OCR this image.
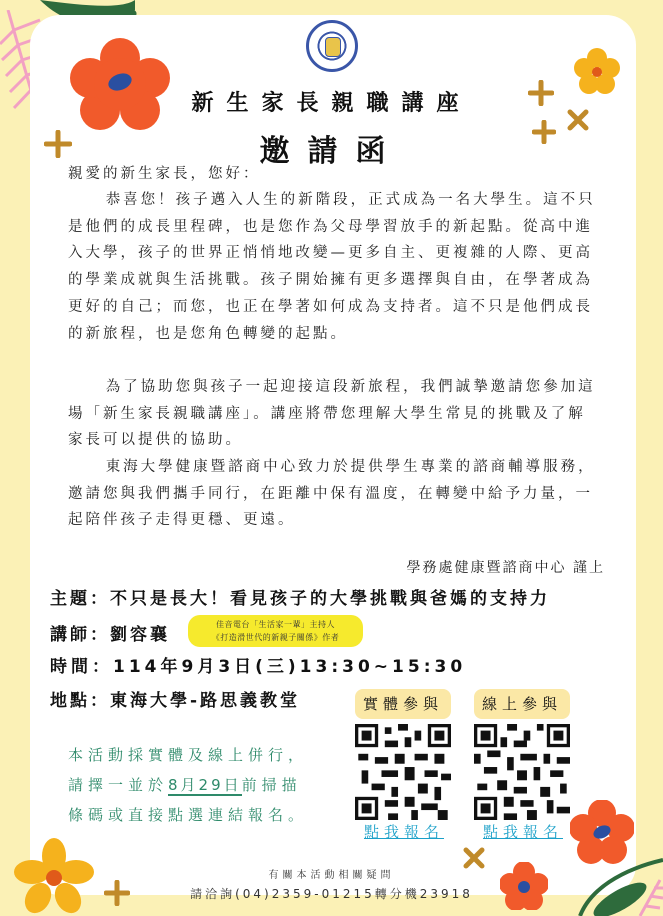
新生家長親職講座
邀請函
親愛的新生家長，您好：

恭喜您！孩子邁入人生的新階段，正式成為一名大學生。這不只是他們的成長里程碑，也是您作為父母學習放手的新起點。從高中進入大學，孩子的世界正悄悄地改變—更多自主、更複雜的人際、更高的學業成就與生活挑戰。孩子開始擁有更多選擇與自由，在學著成為更好的自己；而您，也正在學著如何成為支持者。這不只是他們成長的新旅程，也是您角色轉變的起點。

為了協助您與孩子一起迎接這段新旅程，我們誠摯邀請您參加這場「新生家長親職講座」。講座將帶您理解大學生常見的挑戰及了解家長可以提供的協助。

東海大學健康暨諮商中心致力於提供學生專業的諮商輔導服務，邀請您與我們攜手同行，在距離中保有溫度，在轉變中給予力量，一起陪伴孩子走得更穩、更遠。

學務處健康暨諮商中心 謹上
主題：不只是長大！看見孩子的大學挑戰與爸媽的支持力
講師：劉容襄
佳音電台「生活家一輩」主持人
《打造滑世代的新親子關係》作者
時間：114年9月3日(三)13:30~15:30
地點：東海大學-路思義教堂
本活動採實體及線上併行，
請擇一並於8月29日前掃描
條碼或直接點選連結報名。
實體參與	線上參與
點我報名	點我報名
有關本活動相關疑問
請洽詢(04)2359-01215轉分機23918
